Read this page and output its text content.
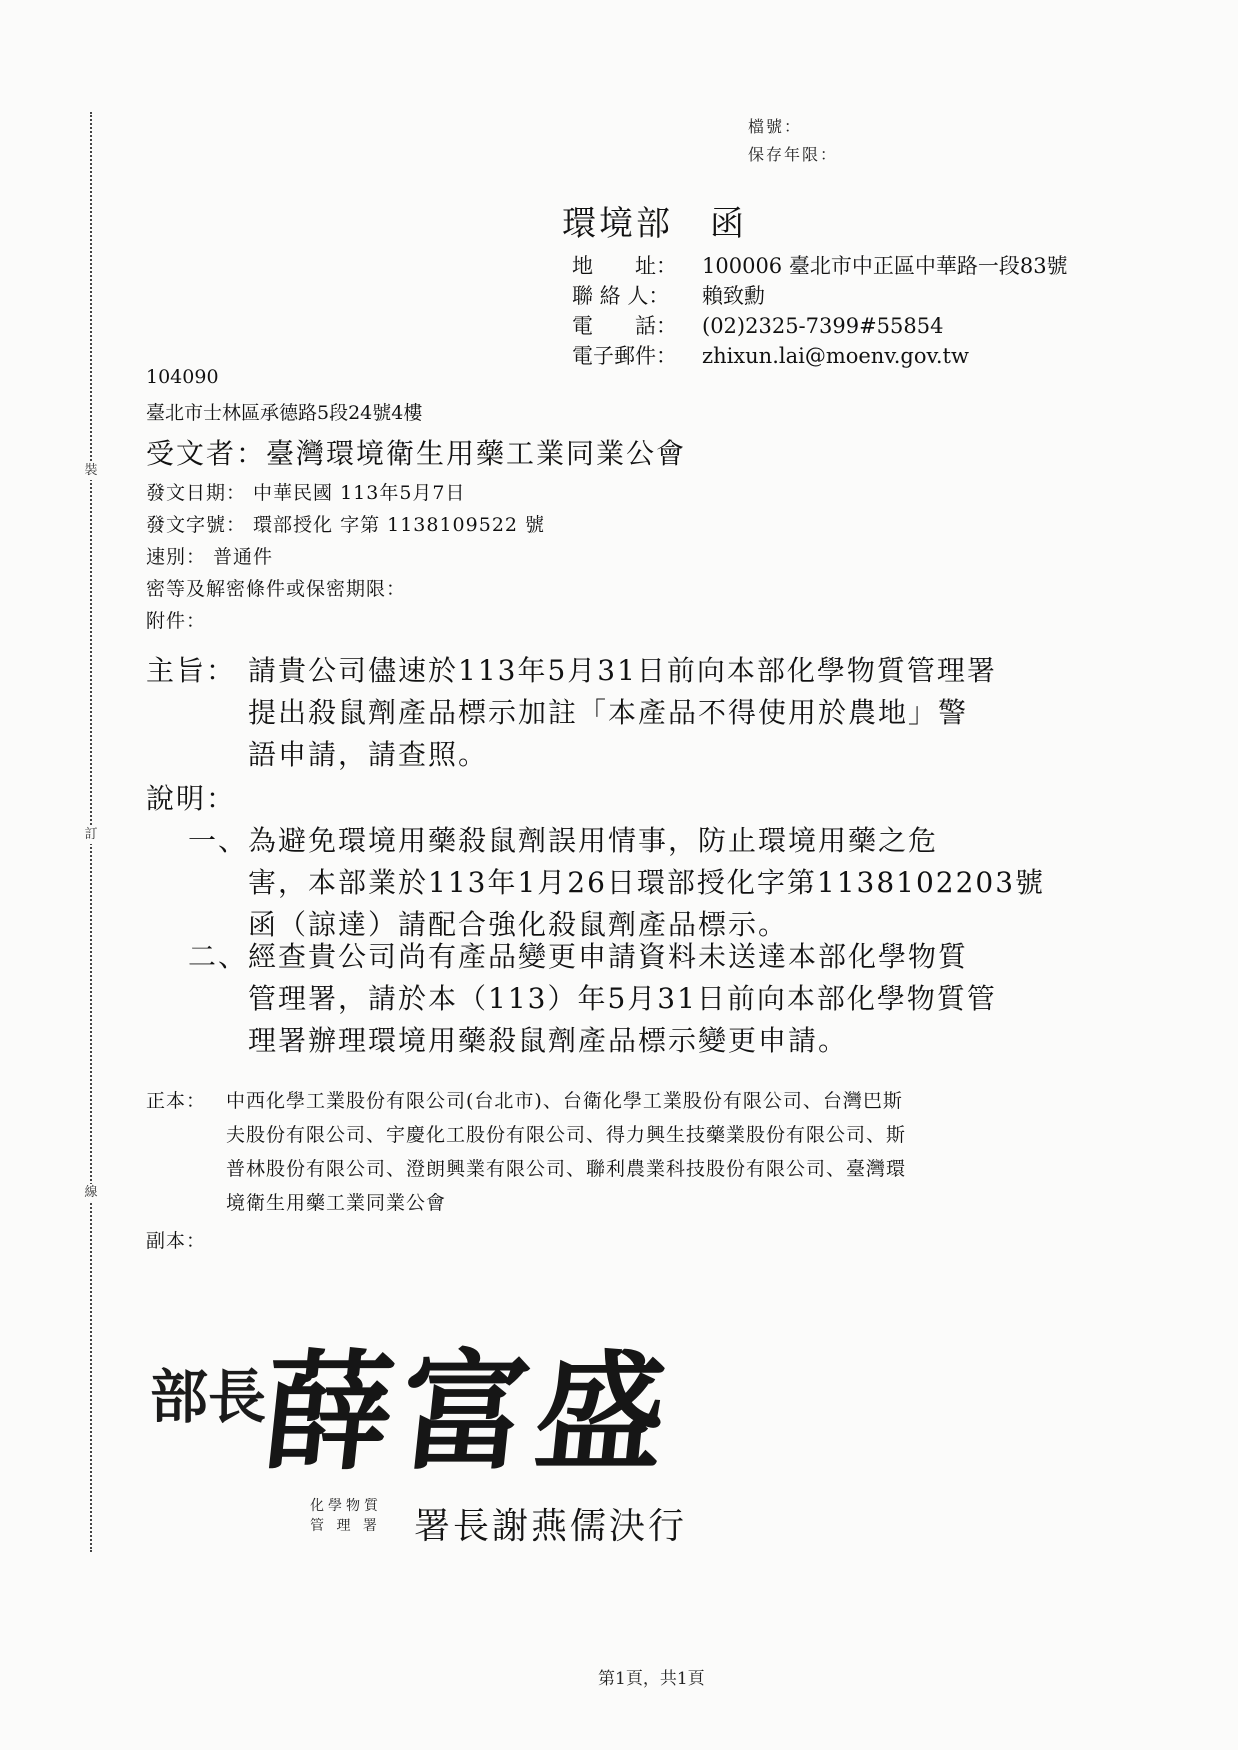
裝
訂
線
檔號：
保存年限：
環境部　函
地　　址： 100006 臺北市中正區中華路一段83號
聯 絡 人： 賴致勳
電　　話： (02)2325-7399#55854
電子郵件： zhixun.lai@moenv.gov.tw
104090
臺北市士林區承德路5段24號4樓
受文者：臺灣環境衛生用藥工業同業公會
發文日期： 中華民國 113年5月7日
發文字號： 環部授化 字第 1138109522 號
速別： 普通件
密等及解密條件或保密期限：
附件：
主旨： 請貴公司儘速於113年5月31日前向本部化學物質管理署
提出殺鼠劑產品標示加註「本產品不得使用於農地」警
語申請，請查照。
說明：
一、 為避免環境用藥殺鼠劑誤用情事，防止環境用藥之危
害，本部業於113年1月26日環部授化字第1138102203號
函（諒達）請配合強化殺鼠劑產品標示。
二、 經查貴公司尚有產品變更申請資料未送達本部化學物質
管理署，請於本（113）年5月31日前向本部化學物質管
理署辦理環境用藥殺鼠劑產品標示變更申請。
正本： 中西化學工業股份有限公司(台北市)、台衛化學工業股份有限公司、台灣巴斯
夫股份有限公司、宇慶化工股份有限公司、得力興生技藥業股份有限公司、斯
普林股份有限公司、澄朗興業有限公司、聯利農業科技股份有限公司、臺灣環
境衛生用藥工業同業公會
副本：
部長薛富盛
化學物質
管 理 署 署長謝燕儒決行
第1頁，共1頁
